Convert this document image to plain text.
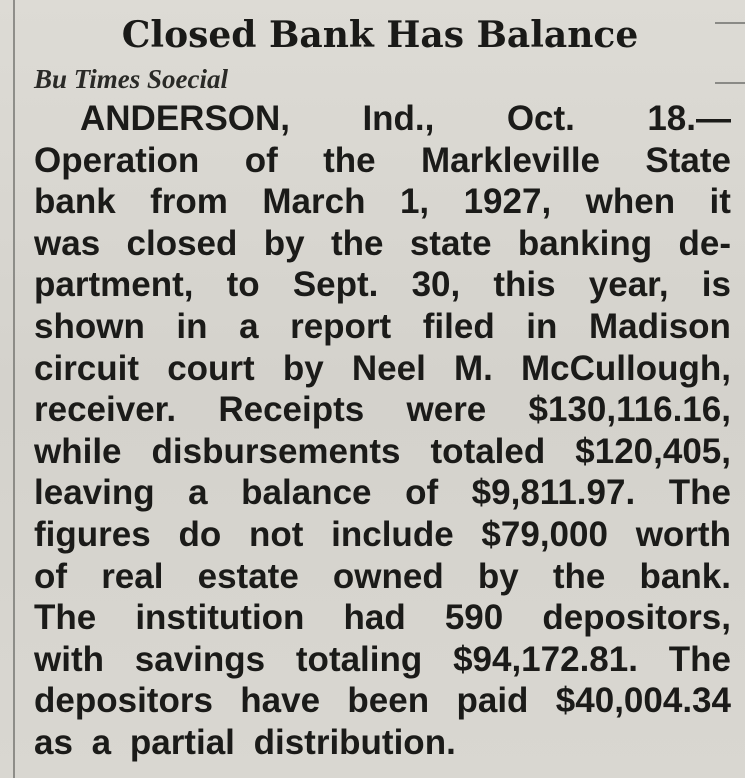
Closed Bank Has Balance
Bu Times Soecial
ANDERSON, Ind., Oct. 18.—
Operation of the Markleville State
bank from March 1, 1927, when it
was closed by the state banking de-
partment, to Sept. 30, this year, is
shown in a report filed in Madison
circuit court by Neel M. McCullough,
receiver. Receipts were $130,116.16,
while disbursements totaled $120,405,
leaving a balance of $9,811.97. The
figures do not include $79,000 worth
of real estate owned by the bank.
The institution had 590 depositors,
with savings totaling $94,172.81. The
depositors have been paid $40,004.34
as a partial distribution.
